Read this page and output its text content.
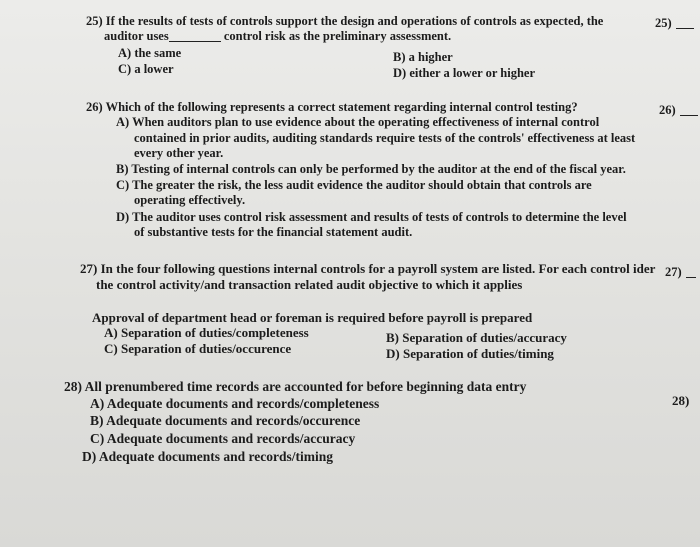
25) If the results of tests of controls support the design and operations of controls as expected, the
auditor uses	control risk as the preliminary assessment.
25)
A) the same	B) a higher
C) a lower	D) either a lower or higher
26) Which of the following represents a correct statement regarding internal control testing?	26)
A) When auditors plan to use evidence about the operating effectiveness of internal control
contained in prior audits, auditing standards require tests of the controls' effectiveness at least
every other year.
B) Testing of internal controls can only be performed by the auditor at the end of the fiscal year.
C) The greater the risk, the less audit evidence the auditor should obtain that controls are
operating effectively.
D) The auditor uses control risk assessment and results of tests of controls to determine the level
of substantive tests for the financial statement audit.
27) In the four following questions internal controls for a payroll system are listed. For each control ider
the control activity/and transaction related audit objective to which it applies
27)
Approval of department head or foreman is required before payroll is prepared
A) Separation of duties/completeness	B) Separation of duties/accuracy
C) Separation of duties/occurence	D) Separation of duties/timing
28) All prenumbered time records are accounted for before beginning data entry
28)
A) Adequate documents and records/completeness
B) Adequate documents and records/occurence
C) Adequate documents and records/accuracy
D) Adequate documents and records/timing
